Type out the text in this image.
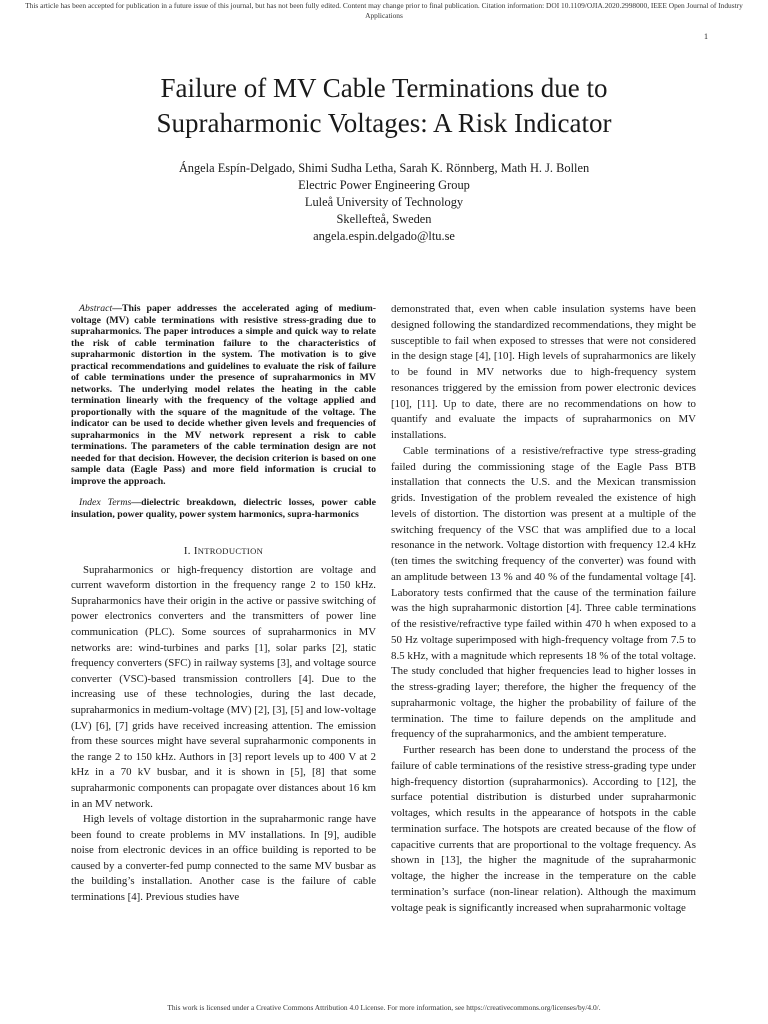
This article has been accepted for publication in a future issue of this journal, but has not been fully edited. Content may change prior to final publication. Citation information: DOI 10.1109/OJIA.2020.2998000, IEEE Open Journal of Industry Applications
1
Failure of MV Cable Terminations due to
Supraharmonic Voltages: A Risk Indicator
Ángela Espín-Delgado, Shimi Sudha Letha, Sarah K. Rönnberg, Math H. J. Bollen
Electric Power Engineering Group
Luleå University of Technology
Skellefteå, Sweden
angela.espin.delgado@ltu.se

Abstract—This paper addresses the accelerated aging of medium-voltage (MV) cable terminations with resistive stress-grading due to supraharmonics. The paper introduces a simple and quick way to relate the risk of cable termination failure to the characteristics of supraharmonic distortion in the system. The motivation is to give practical recommendations and guidelines to evaluate the risk of failure of cable terminations under the presence of supraharmonics in MV networks. The underlying model relates the heating in the cable termination linearly with the frequency of the voltage applied and proportionally with the square of the magnitude of the voltage. The indicator can be used to decide whether given levels and frequencies of supraharmonics in the MV network represent a risk to cable terminations. The parameters of the cable termination design are not needed for that decision. However, the decision criterion is based on one sample data (Eagle Pass) and more field information is crucial to improve the approach.

Index Terms—dielectric breakdown, dielectric losses, power cable insulation, power quality, power system harmonics, supra-harmonics

I. INTRODUCTION

Supraharmonics or high-frequency distortion are voltage and current waveform distortion in the frequency range 2 to 150 kHz. Supraharmonics have their origin in the active or passive switching of power electronics converters and the transmitters of power line communication (PLC). Some sources of supraharmonics in MV networks are: wind-turbines and parks [1], solar parks [2], static frequency converters (SFC) in railway systems [3], and voltage source converter (VSC)-based transmission controllers [4]. Due to the increasing use of these technologies, during the last decade, supraharmonics in medium-voltage (MV) [2], [3], [5] and low-voltage (LV) [6], [7] grids have received increasing attention. The emission from these sources might have several supraharmonic components in the range 2 to 150 kHz. Authors in [3] report levels up to 400 V at 2 kHz in a 70 kV busbar, and it is shown in [5], [8] that some supraharmonic components can propagate over distances about 16 km in an MV network.

High levels of voltage distortion in the supraharmonic range have been found to create problems in MV installations. In [9], audible noise from electronic devices in an office building is reported to be caused by a converter-fed pump connected to the same MV busbar as the building’s installation. Another case is the failure of cable terminations [4]. Previous studies have

demonstrated that, even when cable insulation systems have been designed following the standardized recommendations, they might be susceptible to fail when exposed to stresses that were not considered in the design stage [4], [10]. High levels of supraharmonics are likely to be found in MV networks due to high-frequency system resonances triggered by the emission from power electronic devices [10], [11]. Up to date, there are no recommendations on how to quantify and evaluate the impacts of supraharmonics on MV installations.

Cable terminations of a resistive/refractive type stress-grading failed during the commissioning stage of the Eagle Pass BTB installation that connects the U.S. and the Mexican transmission grids. Investigation of the problem revealed the existence of high levels of distortion. The distortion was present at a multiple of the switching frequency of the VSC that was amplified due to a local resonance in the network. Voltage distortion with frequency 12.4 kHz (ten times the switching frequency of the converter) was found with an amplitude between 13 % and 40 % of the fundamental voltage [4]. Laboratory tests confirmed that the cause of the termination failure was the high supraharmonic distortion [4]. Three cable terminations of the resistive/refractive type failed within 470 h when exposed to a 50 Hz voltage superimposed with high-frequency voltage from 7.5 to 8.5 kHz, with a magnitude which represents 18 % of the total voltage. The study concluded that higher frequencies lead to higher losses in the stress-grading layer; therefore, the higher the frequency of the supraharmonic voltage, the higher the probability of failure of the termination. The time to failure depends on the amplitude and frequency of the supraharmonics, and the ambient temperature.

Further research has been done to understand the process of the failure of cable terminations of the resistive stress-grading type under high-frequency distortion (supraharmonics). According to [12], the surface potential distribution is disturbed under supraharmonic voltages, which results in the appearance of hotspots in the cable termination surface. The hotspots are created because of the flow of capacitive currents that are proportional to the voltage frequency. As shown in [13], the higher the magnitude of the supraharmonic voltage, the higher the increase in the temperature on the cable termination’s surface (non-linear relation). Although the maximum voltage peak is significantly increased when supraharmonic voltage

This work is licensed under a Creative Commons Attribution 4.0 License. For more information, see https://creativecommons.org/licenses/by/4.0/.
